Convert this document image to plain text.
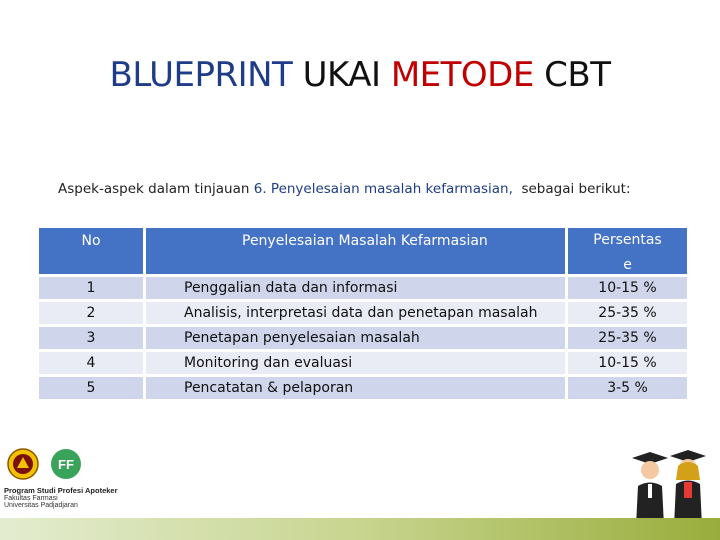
BLUEPRINT UKAI METODE CBT
Aspek-aspek dalam tinjauan 6. Penyelesaian masalah kefarmasian,  sebagai berikut:
No	Penyelesaian Masalah Kefarmasian	Persentas
e
1	Penggalian data dan informasi	10-15 %
2	Analisis, interpretasi data dan penetapan masalah	25-35 %
3	Penetapan penyelesaian masalah	25-35 %
4	Monitoring dan evaluasi	10-15 %
5	Pencatatan & pelaporan	3-5 %
FF
Program Studi Profesi Apoteker
Fakultas Farmasi
Universitas Padjadjaran
